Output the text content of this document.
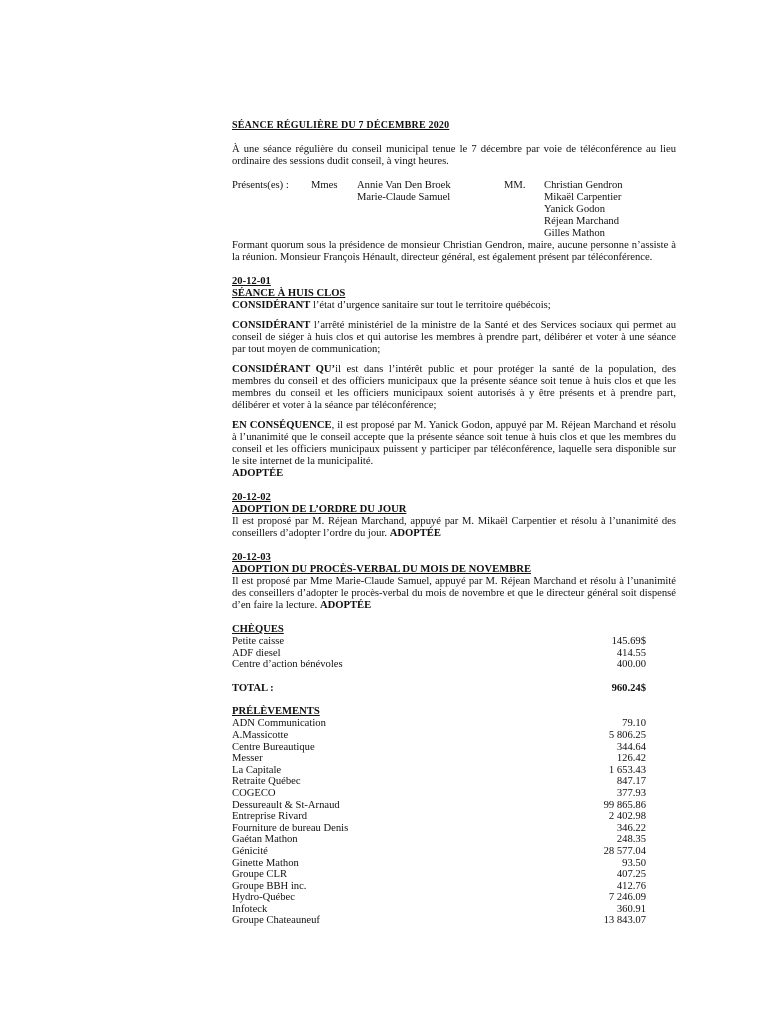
SÉANCE RÉGULIÈRE DU 7 DÉCEMBRE 2020

À une séance régulière du conseil municipal tenue le 7 décembre par voie de téléconférence au lieu ordinaire des sessions dudit conseil, à vingt heures.

Présents(es) : Mmes Annie Van Den Broek
Marie-Claude Samuel
MM. Christian Gendron
Mikaël Carpentier
Yanick Godon
Réjean Marchand
Gilles Mathon

Formant quorum sous la présidence de monsieur Christian Gendron, maire, aucune personne n’assiste à la réunion. Monsieur François Hénault, directeur général, est également présent par téléconférence.

20-12-01

SÉANCE À HUIS CLOS

CONSIDÉRANT l’état d’urgence sanitaire sur tout le territoire québécois;

CONSIDÉRANT l’arrêté ministériel de la ministre de la Santé et des Services sociaux qui permet au conseil de siéger à huis clos et qui autorise les membres à prendre part, délibérer et voter à une séance par tout moyen de communication;

CONSIDÉRANT QU’il est dans l’intérêt public et pour protéger la santé de la population, des membres du conseil et des officiers municipaux que la présente séance soit tenue à huis clos et que les membres du conseil et les officiers municipaux soient autorisés à y être présents et à prendre part, délibérer et voter à la séance par téléconférence;

EN CONSÉQUENCE, il est proposé par M. Yanick Godon, appuyé par M. Réjean Marchand et résolu à l’unanimité que le conseil accepte que la présente séance soit tenue à huis clos et que les membres du conseil et les officiers municipaux puissent y participer par téléconférence, laquelle sera disponible sur le site internet de la municipalité.

ADOPTÉE

20-12-02

ADOPTION DE L’ORDRE DU JOUR

Il est proposé par M. Réjean Marchand, appuyé par M. Mikaël Carpentier et résolu à l’unanimité des conseillers d’adopter l’ordre du jour. ADOPTÉE

20-12-03

ADOPTION DU PROCÈS-VERBAL DU MOIS DE NOVEMBRE

Il est proposé par Mme Marie-Claude Samuel, appuyé par M. Réjean Marchand et résolu à l’unanimité des conseillers d’adopter le procès-verbal du mois de novembre et que le directeur général soit dispensé d’en faire la lecture. ADOPTÉE

CHÈQUES

Petite caisse	145.69$
ADF diesel	414.55
Centre d’action bénévoles	400.00
TOTAL :	960.24$

PRÉLÈVEMENTS

ADN Communication	79.10
A.Massicotte	5 806.25
Centre Bureautique	344.64
Messer	126.42
La Capitale	1 653.43
Retraite Québec	847.17
COGECO	377.93
Dessureault & St-Arnaud	99 865.86
Entreprise Rivard	2 402.98
Fourniture de bureau Denis	346.22
Gaétan Mathon	248.35
Génicité	28 577.04
Ginette Mathon	93.50
Groupe CLR	407.25
Groupe BBH inc.	412.76
Hydro-Québec	7 246.09
Infoteck	360.91
Groupe Chateauneuf	13 843.07
